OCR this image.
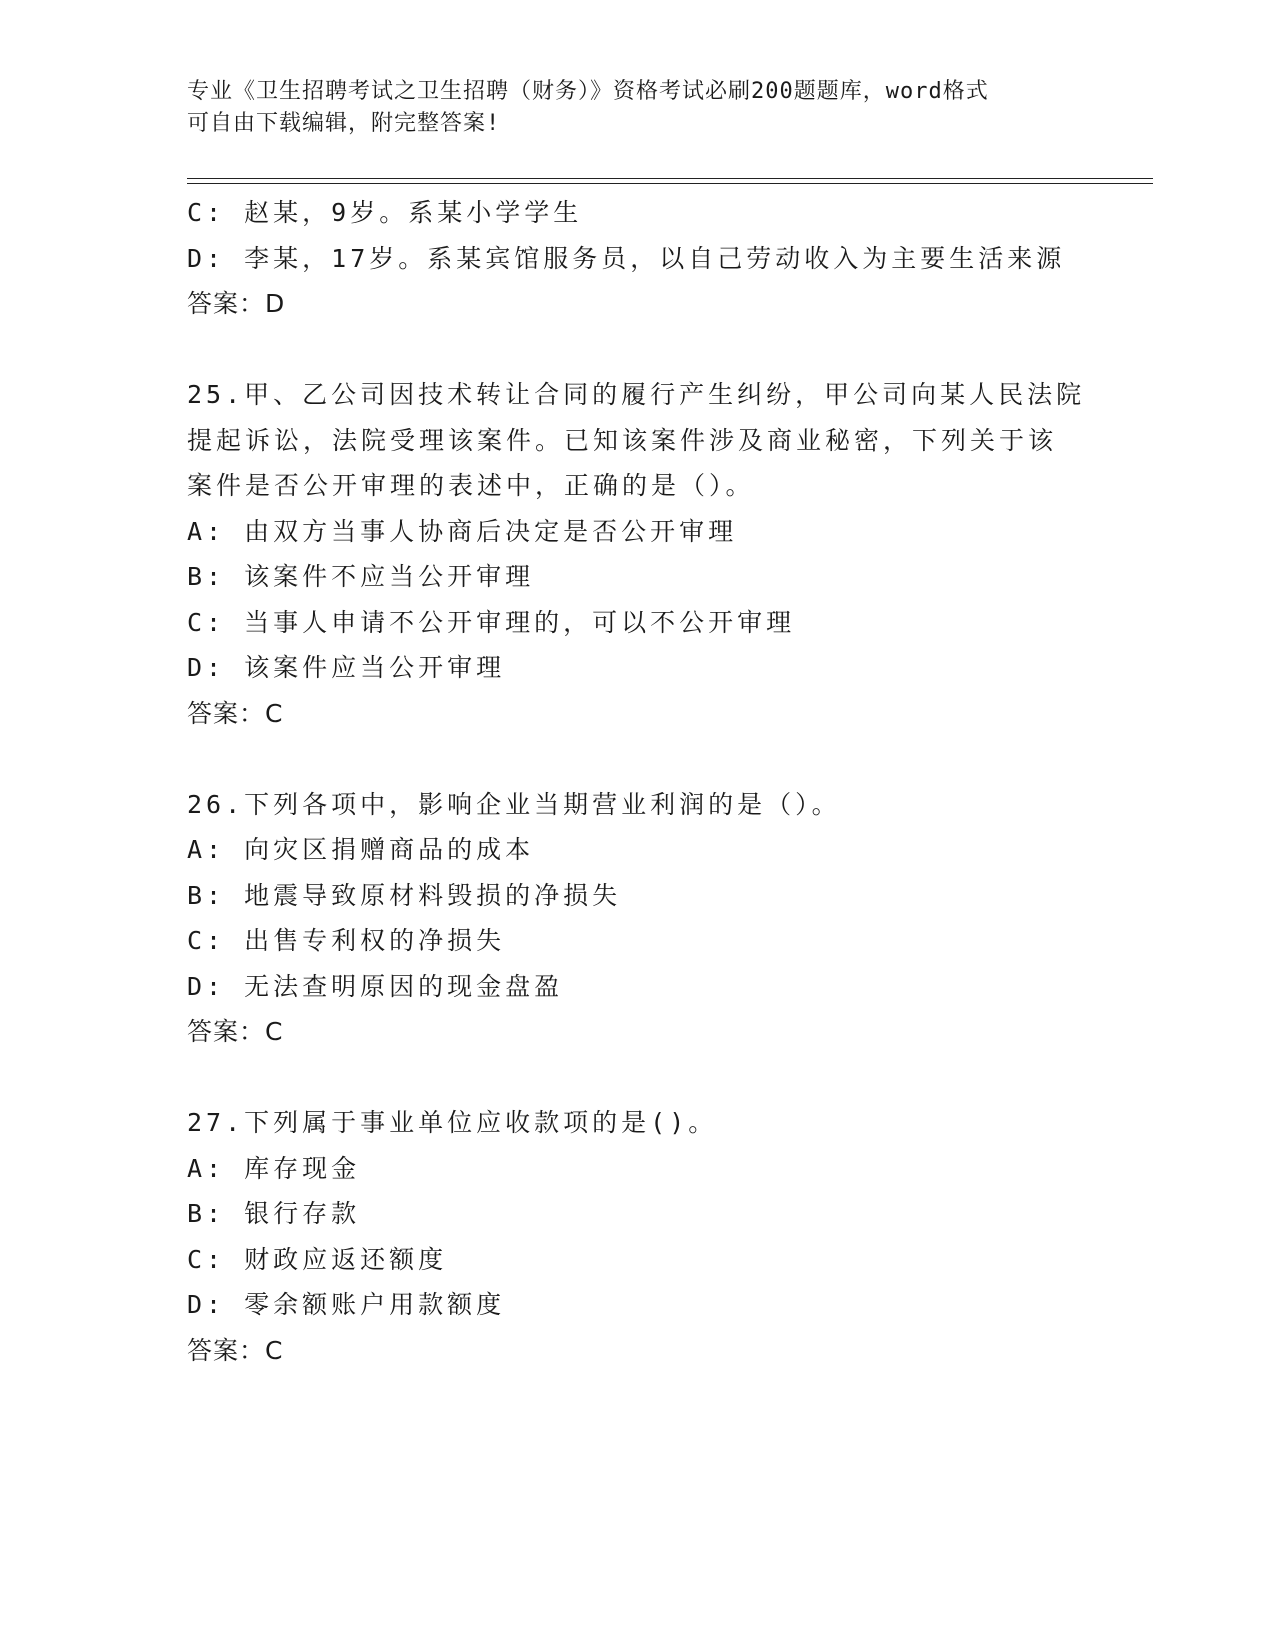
专业《卫生招聘考试之卫生招聘（财务）》资格考试必刷200题题库，word格式
可自由下载编辑，附完整答案!
C: 赵某，9岁。系某小学学生
D: 李某，17岁。系某宾馆服务员，以自己劳动收入为主要生活来源
答案：D
25.甲、乙公司因技术转让合同的履行产生纠纷，甲公司向某人民法院
提起诉讼，法院受理该案件。已知该案件涉及商业秘密，下列关于该
案件是否公开审理的表述中，正确的是（）。
A: 由双方当事人协商后决定是否公开审理
B: 该案件不应当公开审理
C: 当事人申请不公开审理的，可以不公开审理
D: 该案件应当公开审理
答案：C
26.下列各项中，影响企业当期营业利润的是（）。
A: 向灾区捐赠商品的成本
B: 地震导致原材料毁损的净损失
C: 出售专利权的净损失
D: 无法查明原因的现金盘盈
答案：C
27.下列属于事业单位应收款项的是()。
A: 库存现金
B: 银行存款
C: 财政应返还额度
D: 零余额账户用款额度
答案：C
